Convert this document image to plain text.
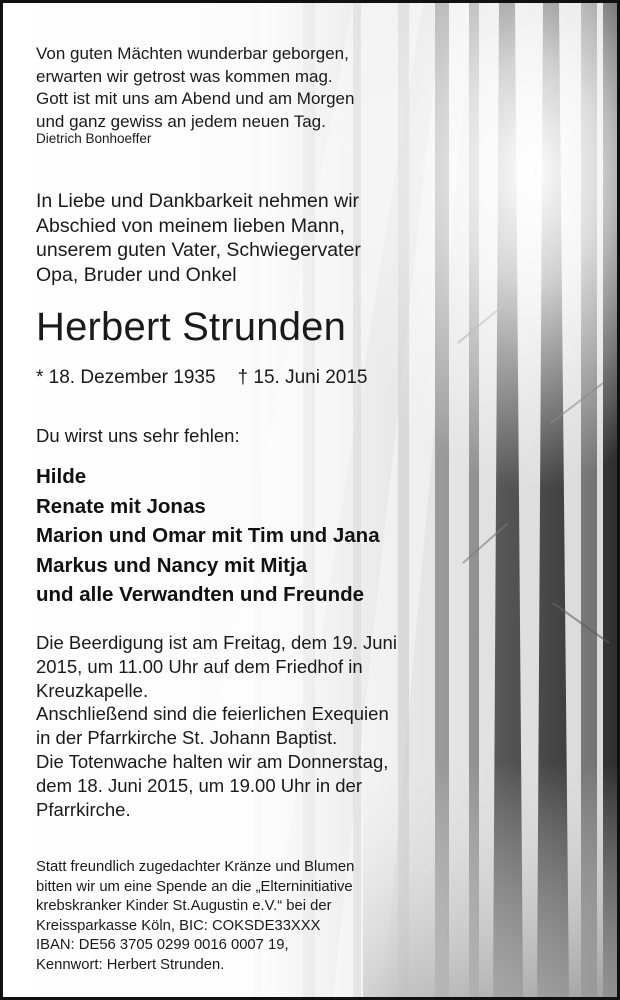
Von guten Mächten wunderbar geborgen,
erwarten wir getrost was kommen mag.
Gott ist mit uns am Abend und am Morgen
und ganz gewiss an jedem neuen Tag.
Dietrich Bonhoeffer
In Liebe und Dankbarkeit nehmen wir
Abschied von meinem lieben Mann,
unserem guten Vater, Schwiegervater
Opa, Bruder und Onkel
Herbert Strunden
* 18. Dezember 1935 † 15. Juni 2015
Du wirst uns sehr fehlen:
Hilde
Renate mit Jonas
Marion und Omar mit Tim und Jana
Markus und Nancy mit Mitja
und alle Verwandten und Freunde
Die Beerdigung ist am Freitag, dem 19. Juni
2015, um 11.00 Uhr auf dem Friedhof in
Kreuzkapelle.
Anschließend sind die feierlichen Exequien
in der Pfarrkirche St. Johann Baptist.
Die Totenwache halten wir am Donnerstag,
dem 18. Juni 2015, um 19.00 Uhr in der
Pfarrkirche.
Statt freundlich zugedachter Kränze und Blumen
bitten wir um eine Spende an die „Elterninitiative
krebskranker Kinder St.Augustin e.V.“ bei der
Kreissparkasse Köln, BIC: COKSDE33XXX
IBAN: DE56 3705 0299 0016 0007 19,
Kennwort: Herbert Strunden.
